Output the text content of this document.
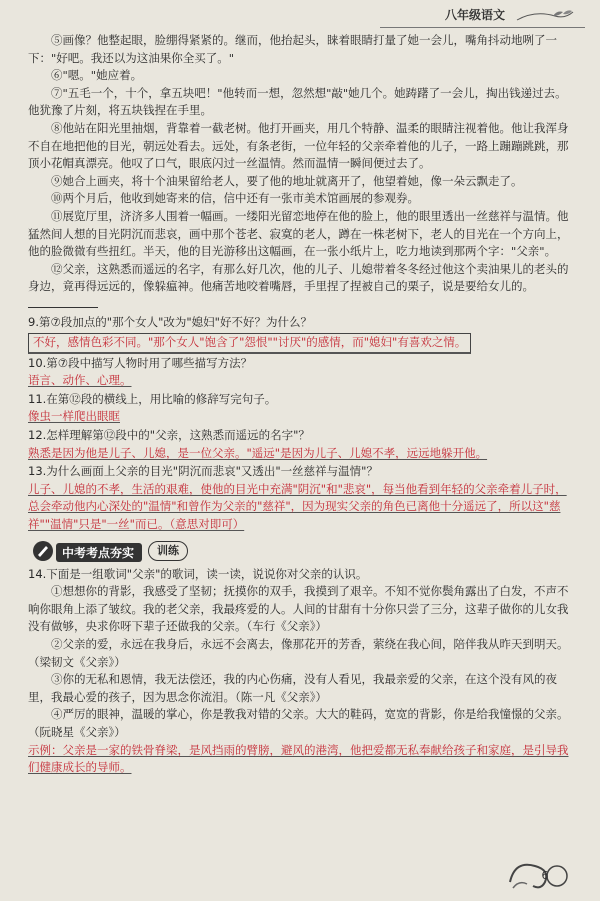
八年级语文

⑤画像？他整起眼，脸绷得紧紧的。继而，他抬起头，睐着眼睛打量了她一会儿，嘴角抖动地咧了一下："好吧。我还以为这油果你全买了。"

⑥"嗯。"她应着。

⑦"五毛一个，十个，拿五块吧！"他转而一想，忽然想"敲"她几个。她踌躇了一会儿，掏出钱递过去。他犹豫了片刻，将五块钱捏在手里。

⑧他站在阳光里抽烟，背靠着一截老树。他打开画夹，用几个特静、温柔的眼睛注视着他。他让我浑身不自在地把他的目光，朝远处看去。远处，有条老街，一位年轻的父亲牵着他的儿子，一路上蹦蹦跳跳，那顶小花帽真漂亮。他叹了口气，眼底闪过一丝温情。然而温情一瞬间便过去了。

⑨她合上画夹，将十个油果留给老人，要了他的地址就离开了，他望着她，像一朵云飘走了。

⑩两个月后，他收到她寄来的信，信中还有一张市美术馆画展的参观券。

⑪展览厅里，济济多人围着一幅画。一缕阳光留恋地停在他的脸上，他的眼里透出一丝慈祥与温情。他猛然间人想的目光阴沉而悲哀，画中那个苍老、寂寞的老人，蹲在一株老树下，老人的目光在一个方向上，他的脸微微有些扭红。半天，他的目光游移出这幅画，在一张小纸片上，吃力地读到那两个字："父亲"。

⑫父亲，这熟悉而遥远的名字，有那么好几次，他的儿子、儿媳带着冬冬经过他这个卖油果儿的老头的身边，竟再得远远的，像躲瘟神。他痛苦地咬着嘴唇，手里捏了捏被自己的栗子，说是要给女儿的。

9.第⑦段加点的"那个女人"改为"媳妇"好不好？为什么？

不好，感情色彩不同。"那个女人"饱含了"怨恨""讨厌"的感情，而"媳妇"有喜欢之情。

10.第⑦段中描写人物时用了哪些描写方法？

语言、动作、心理。

11.在第⑫段的横线上，用比喻的修辞写完句子。

像虫一样爬出眼眶

12.怎样理解第⑫段中的"父亲，这熟悉而遥远的名字"？

熟悉是因为他是儿子、儿媳，是一位父亲。"遥远"是因为儿子、儿媳不孝，远远地躲开他。

13.为什么画面上父亲的目光"阴沉而悲哀"又透出"一丝慈祥与温情"？

儿子、儿媳的不孝，生活的艰难，使他的目光中充满"阴沉"和"悲哀"，每当他看到年轻的父亲牵着儿子时，总会牵动他内心深处的"温情"和曾作为父亲的"慈祥"，因为现实父亲的角色已离他十分遥远了，所以这"慈祥""温情"只是"一丝"而已。（意思对即可）

中考考点夯实	训练

14.下面是一组歌词"父亲"的歌词，读一读，说说你对父亲的认识。

①想想你的背影，我感受了坚韧；抚摸你的双手，我摸到了艰辛。不知不觉你鬓角露出了白发，不声不响你眼角上添了皱纹。我的老父亲，我最疼爱的人。人间的甘甜有十分你只尝了三分，这辈子做你的儿女我没有做够，央求你呀下辈子还做我的父亲。（车行《父亲》）

②父亲的爱，永远在我身后，永远不会离去，像那花开的芳香，萦绕在我心间，陪伴我从昨天到明天。（梁韧文《父亲》）

③你的无私和恩情，我无法偿还，我的内心伤痛，没有人看见，我最亲爱的父亲，在这个没有风的夜里，我最心爱的孩子，因为思念你流泪。（陈一凡《父亲》）

④严厉的眼神，温暖的掌心，你是教我对错的父亲。大大的鞋码，宽宽的背影，你是给我憧憬的父亲。（阮晓星《父亲》）

示例：父亲是一家的铁骨脊梁，是风挡雨的臂膀，避风的港湾，他把爱都无私奉献给孩子和家庭，是引导我们健康成长的导师。

6
